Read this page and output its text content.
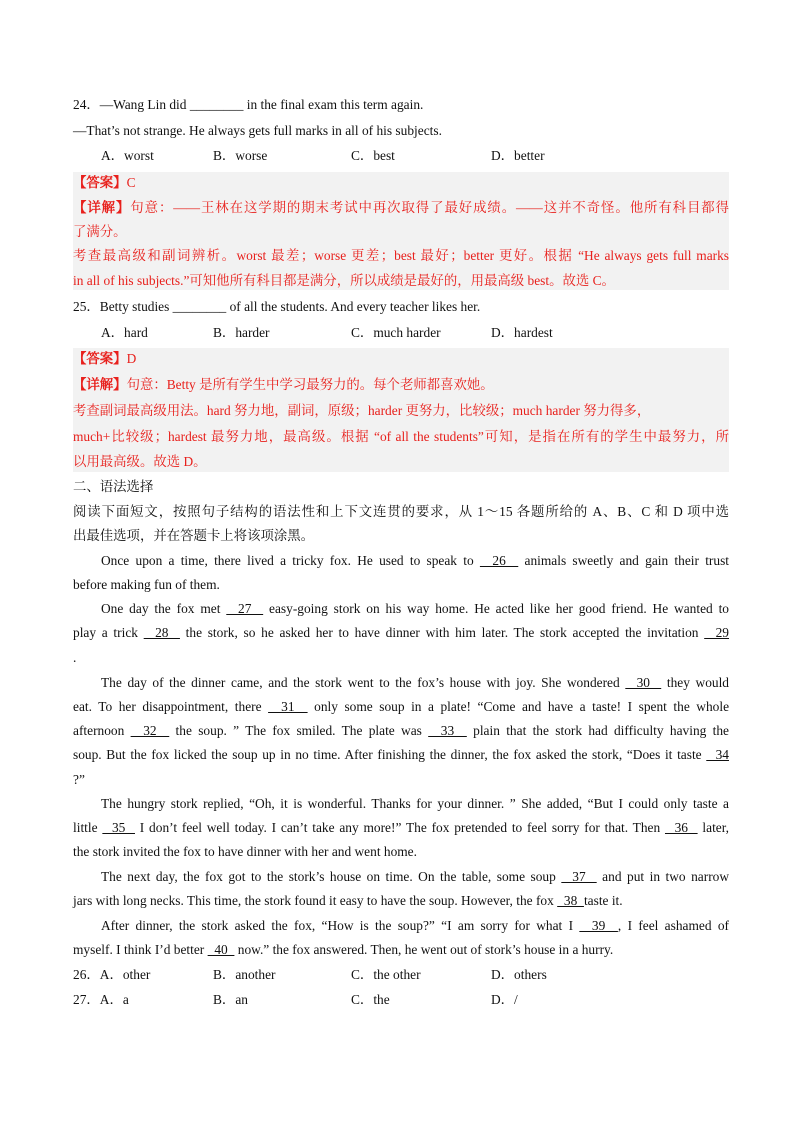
24．—Wang Lin did ________ in the final exam this term again.
—That’s not strange. He always gets full marks in all of his subjects.
A．worst	B．worse	C．best	D．better
【答案】C
【详解】句意：——王林在这学期的期末考试中再次取得了最好成绩。——这并不奇怪。他所有科目都得
了满分。
考查最高级和副词辨析。worst 最差；worse 更差；best 最好；better 更好。根据 “He always gets full marks
in all of his subjects.”可知他所有科目都是满分，所以成绩是最好的，用最高级 best。故选 C。
25．Betty studies ________ of all the students. And every teacher likes her.
A．hard	B．harder	C．much harder	D．hardest
【答案】D
【详解】句意：Betty 是所有学生中学习最努力的。每个老师都喜欢她。
考查副词最高级用法。hard 努力地，副词，原级；harder 更努力，比较级；much harder 努力得多，
much+比较级；hardest 最努力地，最高级。根据 “of all the students”可知，是指在所有的学生中最努力，所
以用最高级。故选 D。
二、语法选择
阅读下面短文，按照句子结构的语法性和上下文连贯的要求，从 1～15 各题所给的 A、B、C 和 D 项中选
出最佳选项，并在答题卡上将该项涂黑。
Once upon a time, there lived a tricky fox. He used to speak to   26   animals sweetly and gain their trust
before making fun of them.
One day the fox met   27   easy-going stork on his way home. He acted like her good friend. He wanted to
play a trick   28   the stork, so he asked her to have dinner with him later. The stork accepted the invitation   29
.
The day of the dinner came, and the stork went to the fox’s house with joy. She wondered   30   they would
eat. To her disappointment, there   31   only some soup in a plate! “Come and have a taste! I spent the whole
afternoon   32   the soup. ” The fox smiled. The plate was   33   plain that the stork had difficulty having the
soup. But the fox licked the soup up in no time. After finishing the dinner, the fox asked the stork, “Does it taste   34
?”
The hungry stork replied, “Oh, it is wonderful. Thanks for your dinner. ” She added, “But I could only taste a
little   35   I don’t feel well today. I can’t take any more!” The fox pretended to feel sorry for that. Then   36   later,
the stork invited the fox to have dinner with her and went home.
The next day, the fox got to the stork’s house on time. On the table, some soup   37   and put in two narrow
jars with long necks. This time, the stork found it easy to have the soup. However, the fox   38  taste it.
After dinner, the stork asked the fox, “How is the soup?” “I am sorry for what I   39  , I feel ashamed of
myself. I think I’d better   40   now.” the fox answered. Then, he went out of stork’s house in a hurry.
26．A．other	B．another	C．the other	D．others
27．A．a	B．an	C．the	D．/
